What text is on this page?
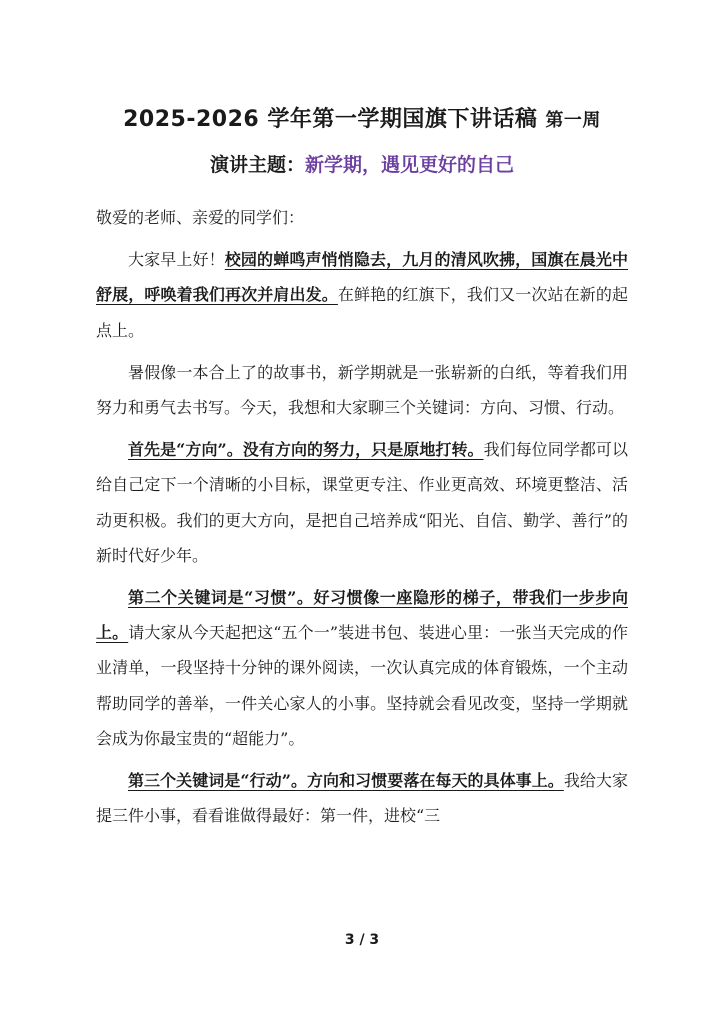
2025-2026 学年第一学期国旗下讲话稿 第一周
演讲主题：新学期，遇见更好的自己

敬爱的老师、亲爱的同学们：

大家早上好！校园的蝉鸣声悄悄隐去，九月的清风吹拂，国旗在晨光中舒展，呼唤着我们再次并肩出发。在鲜艳的红旗下，我们又一次站在新的起点上。

暑假像一本合上了的故事书，新学期就是一张崭新的白纸，等着我们用努力和勇气去书写。今天，我想和大家聊三个关键词：方向、习惯、行动。

首先是“方向”。没有方向的努力，只是原地打转。我们每位同学都可以给自己定下一个清晰的小目标，课堂更专注、作业更高效、环境更整洁、活动更积极。我们的更大方向，是把自己培养成“阳光、自信、勤学、善行”的新时代好少年。

第二个关键词是“习惯”。好习惯像一座隐形的梯子，带我们一步步向上。请大家从今天起把这“五个一”装进书包、装进心里：一张当天完成的作业清单，一段坚持十分钟的课外阅读，一次认真完成的体育锻炼，一个主动帮助同学的善举，一件关心家人的小事。坚持就会看见改变，坚持一学期就会成为你最宝贵的“超能力”。

第三个关键词是“行动”。方向和习惯要落在每天的具体事上。我给大家提三件小事，看看谁做得最好：第一件，进校“三

3 / 3
